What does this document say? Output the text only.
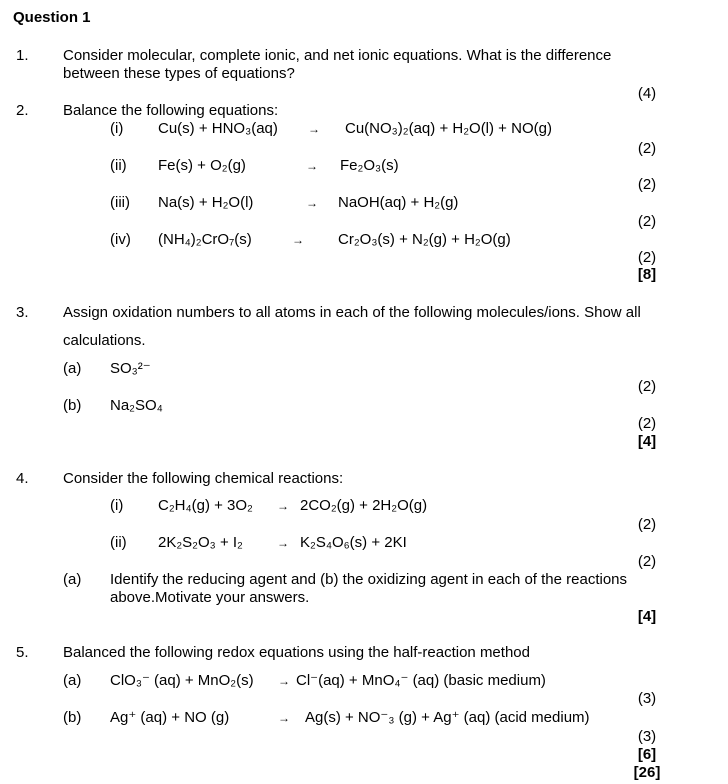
Question 1
1. Consider molecular, complete ionic, and net ionic equations. What is the difference
between these types of equations?
(4)
2. Balance the following equations:
(i) Cu(s) + HNO₃(aq)	→ Cu(NO₃)₂(aq) + H₂O(l) + NO(g)
(2)
(ii) Fe(s) + O₂(g)	→ Fe₂O₃(s)
(2)
(iii) Na(s) + H₂O(l)	→ NaOH(aq) + H₂(g)
(2)
(iv) (NH₄)₂CrO₇(s)	→ Cr₂O₃(s) + N₂(g) + H₂O(g)
(2)
[8]
3. Assign oxidation numbers to all atoms in each of the following molecules/ions. Show all
calculations.
(a) SO₃²⁻
(2)
(b) Na₂SO₄
(2)
[4]
4. Consider the following chemical reactions:
(i) C₂H₄(g) + 3O₂ → 2CO₂(g) + 2H₂O(g)
(2)
(ii) 2K₂S₂O₃ + I₂	→ K₂S₄O₆(s) + 2KI
(2)
(a) Identify the reducing agent and (b) the oxidizing agent in each of the reactions
above.Motivate your answers.
[4]
5. Balanced the following redox equations using the half-reaction method
(a) ClO₃⁻ (aq) + MnO₂(s) → Cl⁻(aq) + MnO₄⁻ (aq) (basic medium)
(3)
(b) Ag⁺ (aq) + NO (g)	→ Ag(s) + NO⁻₃ (g) + Ag⁺ (aq) (acid medium)
(3)
[6]
[26]
